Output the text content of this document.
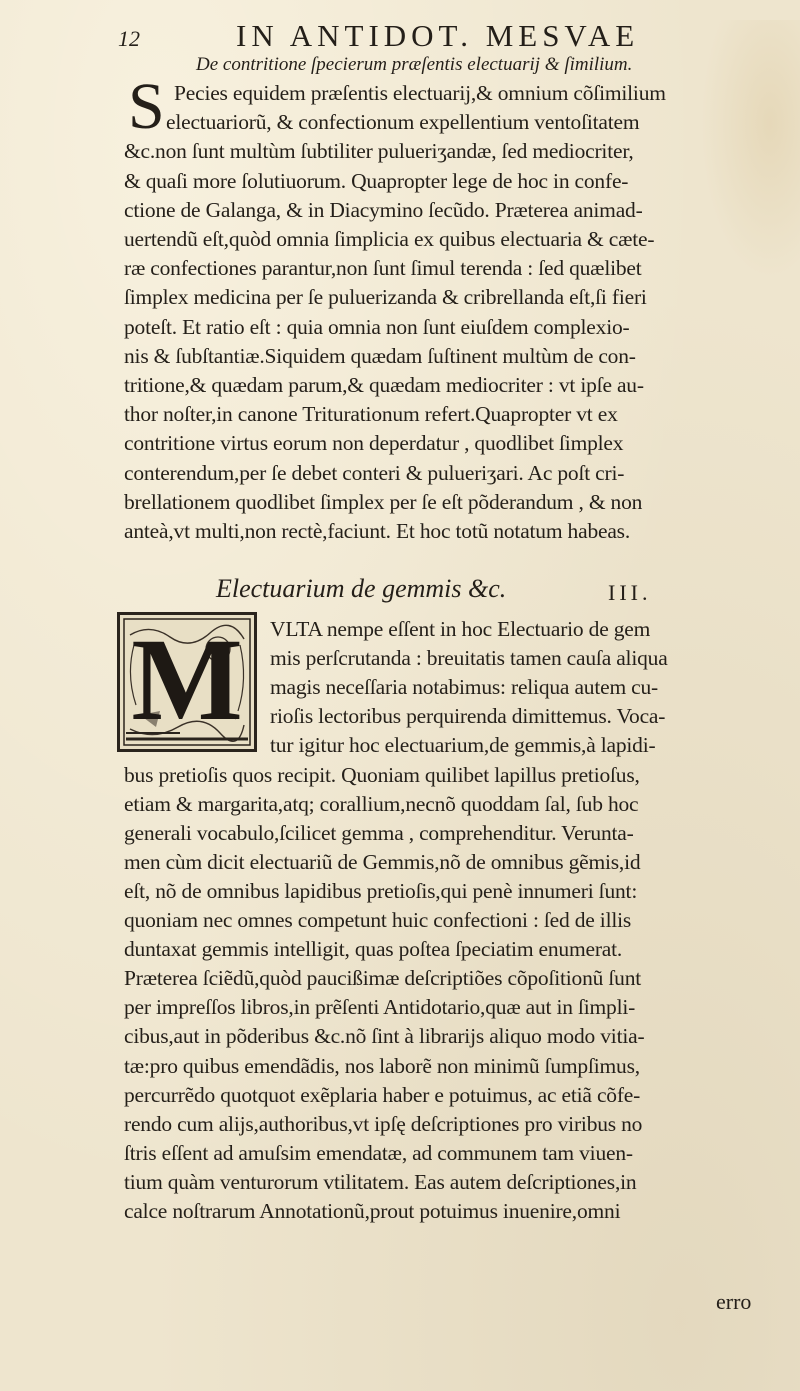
12	IN ANTIDOT. MESVAE
De contritione ſpecierum præſentis electuarij & ſimilium.
S Pecies equidem præſentis electuarij,& omnium cõſimilium
electuariorũ, & confectionum expellentium ventoſitatem
&c.non ſunt multùm ſubtiliter pulueriʒandæ, ſed mediocriter,
& quaſi more ſolutiuorum. Quapropter lege de hoc in confe-
ctione de Galanga, & in Diacymino ſecũdo. Præterea animad-
uertendũ eſt,quòd omnia ſimplicia ex quibus electuaria & cæte-
ræ confectiones parantur,non ſunt ſimul terenda : ſed quælibet
ſimplex medicina per ſe puluerizanda & cribrellanda eſt,ſi fieri
poteſt. Et ratio eſt : quia omnia non ſunt eiuſdem complexio-
nis & ſubſtantiæ.Siquidem quædam ſuſtinent multùm de con-
tritione,& quædam parum,& quædam mediocriter : vt ipſe au-
thor noſter,in canone Triturationum refert.Quapropter vt ex
contritione virtus eorum non deperdatur , quodlibet ſimplex
conterendum,per ſe debet conteri & pulueriʒari. Ac poſt cri-
brellationem quodlibet ſimplex per ſe eſt põderandum , & non
anteà,vt multi,non rectè,faciunt. Et hoc totũ notatum habeas.
Electuarium de gemmis &c.	III.
M	VLTA nempe eſſent in hoc Electuario de gem
mis perſcrutanda : breuitatis tamen cauſa aliqua
magis neceſſaria notabimus: reliqua autem cu-
rioſis lectoribus perquirenda dimittemus. Voca-
tur igitur hoc electuarium,de gemmis,à lapidi-
bus pretioſis quos recipit. Quoniam quilibet lapillus pretioſus,
etiam & margarita,atq; corallium,necnõ quoddam ſal, ſub hoc
generali vocabulo,ſcilicet gemma , comprehenditur. Verunta-
men cùm dicit electuariũ de Gemmis,nõ de omnibus gẽmis,id
eſt, nõ de omnibus lapidibus pretioſis,qui penè innumeri ſunt:
quoniam nec omnes competunt huic confectioni : ſed de illis
duntaxat gemmis intelligit, quas poſtea ſpeciatim enumerat.
Præterea ſciẽdũ,quòd paucißimæ deſcriptiões cõpoſitionũ ſunt
per impreſſos libros,in prẽſenti Antidotario,quæ aut in ſimpli-
cibus,aut in põderibus &c.nõ ſint à librarijs aliquo modo vitia-
tæ:pro quibus emendãdis, nos laborẽ non minimũ ſumpſimus,
percurrẽdo quotquot exẽplaria haber e potuimus, ac etiã cõfe-
rendo cum alijs,authoribus,vt ipſę deſcriptiones pro viribus no
ſtris eſſent ad amuſsim emendatæ, ad communem tam viuen-
tium quàm venturorum vtilitatem. Eas autem deſcriptiones,in
calce noſtrarum Annotationũ,prout potuimus inuenire,omni
erro
